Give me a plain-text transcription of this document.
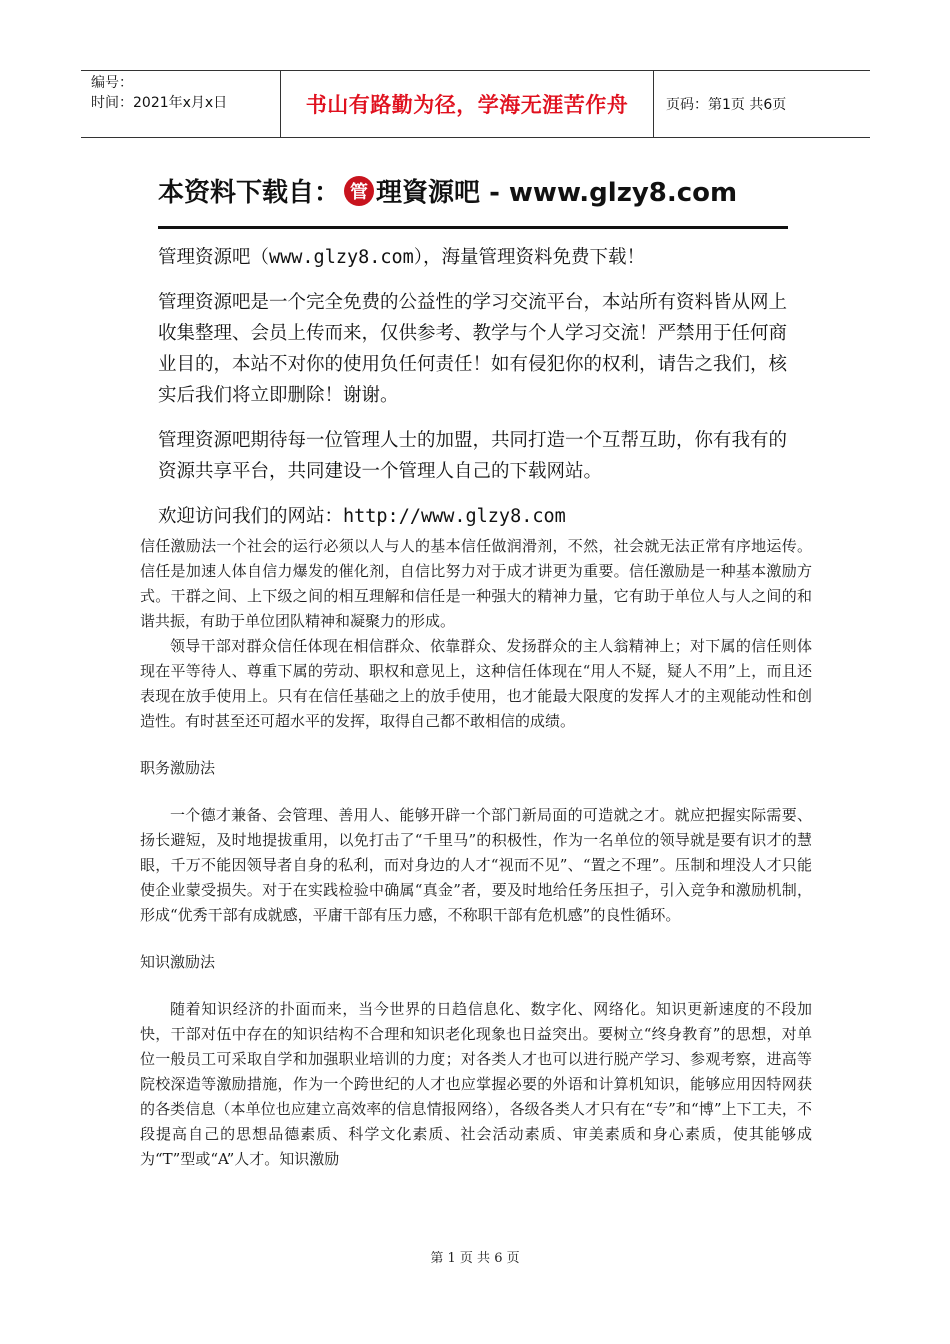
编号：
时间：2021年x月x日	书山有路勤为径，学海无涯苦作舟	页码：第1页 共6页
本资料下载自： 管 理資源吧 - www.glzy8.com

管理资源吧（www.glzy8.com），海量管理资料免费下载！

管理资源吧是一个完全免费的公益性的学习交流平台，本站所有资料皆从网上收集整理、会员上传而来，仅供参考、教学与个人学习交流！严禁用于任何商业目的，本站不对你的使用负任何责任！如有侵犯你的权利，请告之我们，核实后我们将立即删除！谢谢。

管理资源吧期待每一位管理人士的加盟，共同打造一个互帮互助，你有我有的资源共享平台，共同建设一个管理人自己的下载网站。

欢迎访问我们的网站：http://www.glzy8.com

信任激励法一个社会的运行必须以人与人的基本信任做润滑剂，不然，社会就无法正常有序地运传。信任是加速人体自信力爆发的催化剂，自信比努力对于成才讲更为重要。信任激励是一种基本激励方式。干群之间、上下级之间的相互理解和信任是一种强大的精神力量，它有助于单位人与人之间的和谐共振，有助于单位团队精神和凝聚力的形成。

领导干部对群众信任体现在相信群众、依靠群众、发扬群众的主人翁精神上；对下属的信任则体现在平等待人、尊重下属的劳动、职权和意见上，这种信任体现在“用人不疑，疑人不用”上，而且还表现在放手使用上。只有在信任基础之上的放手使用，也才能最大限度的发挥人才的主观能动性和创造性。有时甚至还可超水平的发挥，取得自己都不敢相信的成绩。

职务激励法

一个德才兼备、会管理、善用人、能够开辟一个部门新局面的可造就之才。就应把握实际需要、扬长避短，及时地提拔重用，以免打击了“千里马”的积极性，作为一名单位的领导就是要有识才的慧眼，千万不能因领导者自身的私利，而对身边的人才“视而不见”、“置之不理”。压制和埋没人才只能使企业蒙受损失。对于在实践检验中确属“真金”者，要及时地给任务压担子，引入竞争和激励机制，形成“优秀干部有成就感，平庸干部有压力感，不称职干部有危机感”的良性循环。

知识激励法

随着知识经济的扑面而来，当今世界的日趋信息化、数字化、网络化。知识更新速度的不段加快，干部对伍中存在的知识结构不合理和知识老化现象也日益突出。要树立“终身教育”的思想，对单位一般员工可采取自学和加强职业培训的力度；对各类人才也可以进行脱产学习、参观考察，进高等院校深造等激励措施，作为一个跨世纪的人才也应掌握必要的外语和计算机知识，能够应用因特网获的各类信息（本单位也应建立高效率的信息情报网络），各级各类人才只有在“专”和“博”上下工夫，不段提高自己的思想品德素质、科学文化素质、社会活动素质、审美素质和身心素质，使其能够成为“T”型或“A”人才。知识激励

第 1 页 共 6 页
